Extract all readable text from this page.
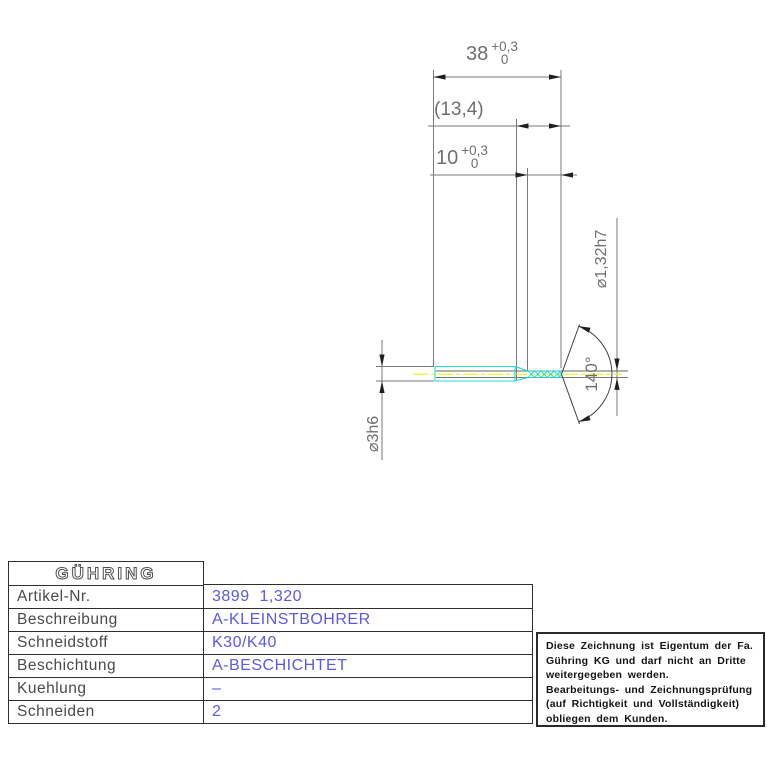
38 +0,3
0
(13,4)
10 +0,3
0
⌀1,32h7
⌀3h6
140°
GÜHRING
Artikel-Nr.
Beschreibung
Schneidstoff
Beschichtung
Kuehlung
Schneiden
3899  1,320
A-KLEINSTBOHRER
K30/K40
A-BESCHICHTET
–
2
Diese Zeichnung ist Eigentum der Fa.
Gühring KG und darf nicht an Dritte
weitergegeben werden.
Bearbeitungs- und Zeichnungsprüfung
(auf Richtigkeit und Vollständigkeit)
obliegen dem Kunden.
